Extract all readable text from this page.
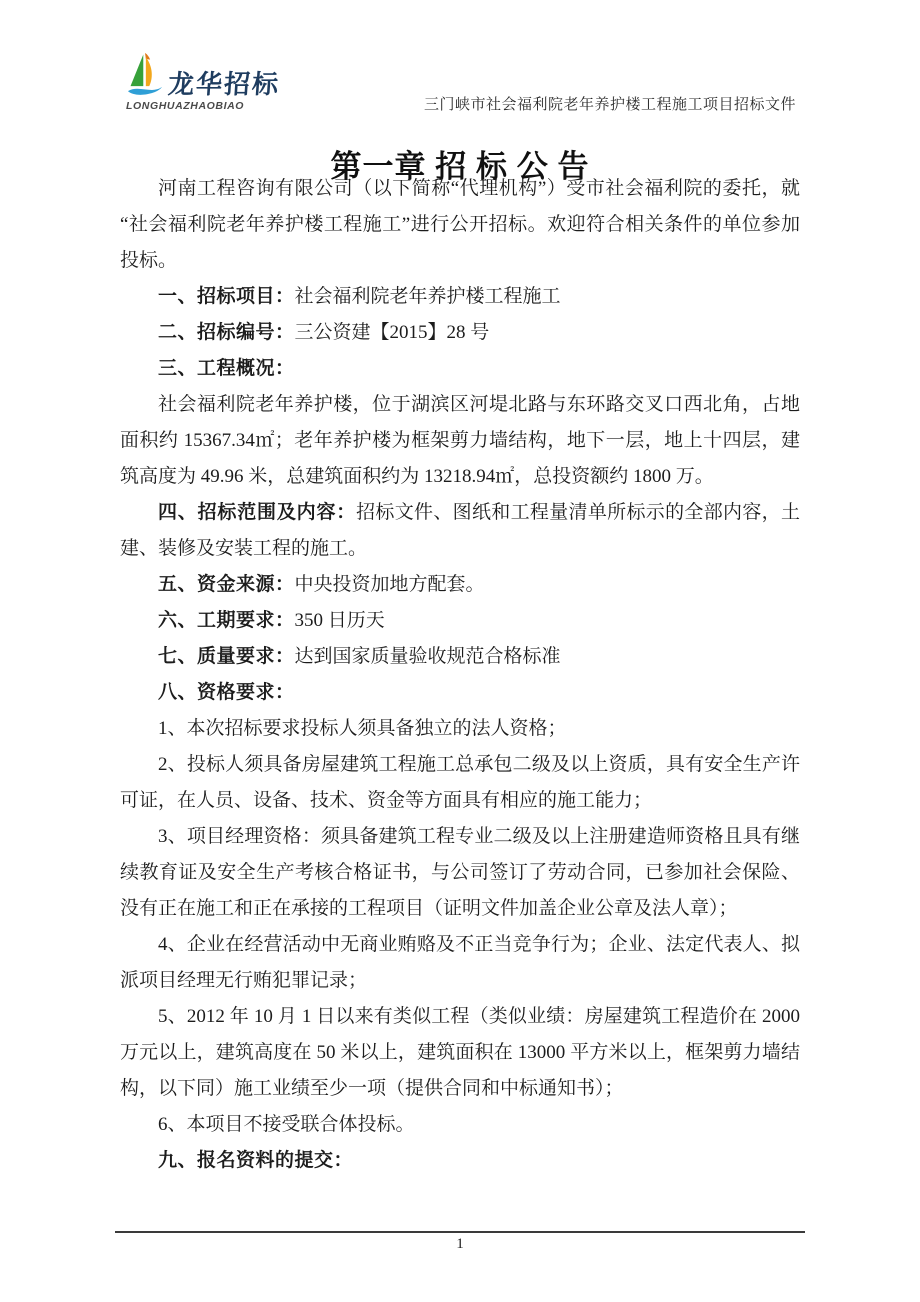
龙华招标
LONGHUAZHAOBIAO	三门峡市社会福利院老年养护楼工程施工项目招标文件
第一章 招 标 公 告

河南工程咨询有限公司（以下简称“代理机构”）受市社会福利院的委托，就“社会福利院老年养护楼工程施工”进行公开招标。欢迎符合相关条件的单位参加投标。

一、招标项目：社会福利院老年养护楼工程施工

二、招标编号：三公资建【2015】28 号

三、工程概况：

社会福利院老年养护楼，位于湖滨区河堤北路与东环路交叉口西北角，占地面积约 15367.34㎡；老年养护楼为框架剪力墙结构，地下一层，地上十四层，建筑高度为 49.96 米，总建筑面积约为 13218.94㎡，总投资额约 1800 万。

四、招标范围及内容：招标文件、图纸和工程量清单所标示的全部内容，土建、装修及安装工程的施工。

五、资金来源：中央投资加地方配套。

六、工期要求：350 日历天

七、质量要求：达到国家质量验收规范合格标准

八、资格要求：

1、本次招标要求投标人须具备独立的法人资格；

2、投标人须具备房屋建筑工程施工总承包二级及以上资质，具有安全生产许可证，在人员、设备、技术、资金等方面具有相应的施工能力；

3、项目经理资格：须具备建筑工程专业二级及以上注册建造师资格且具有继续教育证及安全生产考核合格证书，与公司签订了劳动合同，已参加社会保险、没有正在施工和正在承接的工程项目（证明文件加盖企业公章及法人章）；

4、企业在经营活动中无商业贿赂及不正当竞争行为；企业、法定代表人、拟派项目经理无行贿犯罪记录；

5、2012 年 10 月 1 日以来有类似工程（类似业绩：房屋建筑工程造价在 2000 万元以上，建筑高度在 50 米以上，建筑面积在 13000 平方米以上，框架剪力墙结构，以下同）施工业绩至少一项（提供合同和中标通知书）；

6、本项目不接受联合体投标。

九、报名资料的提交：

1
